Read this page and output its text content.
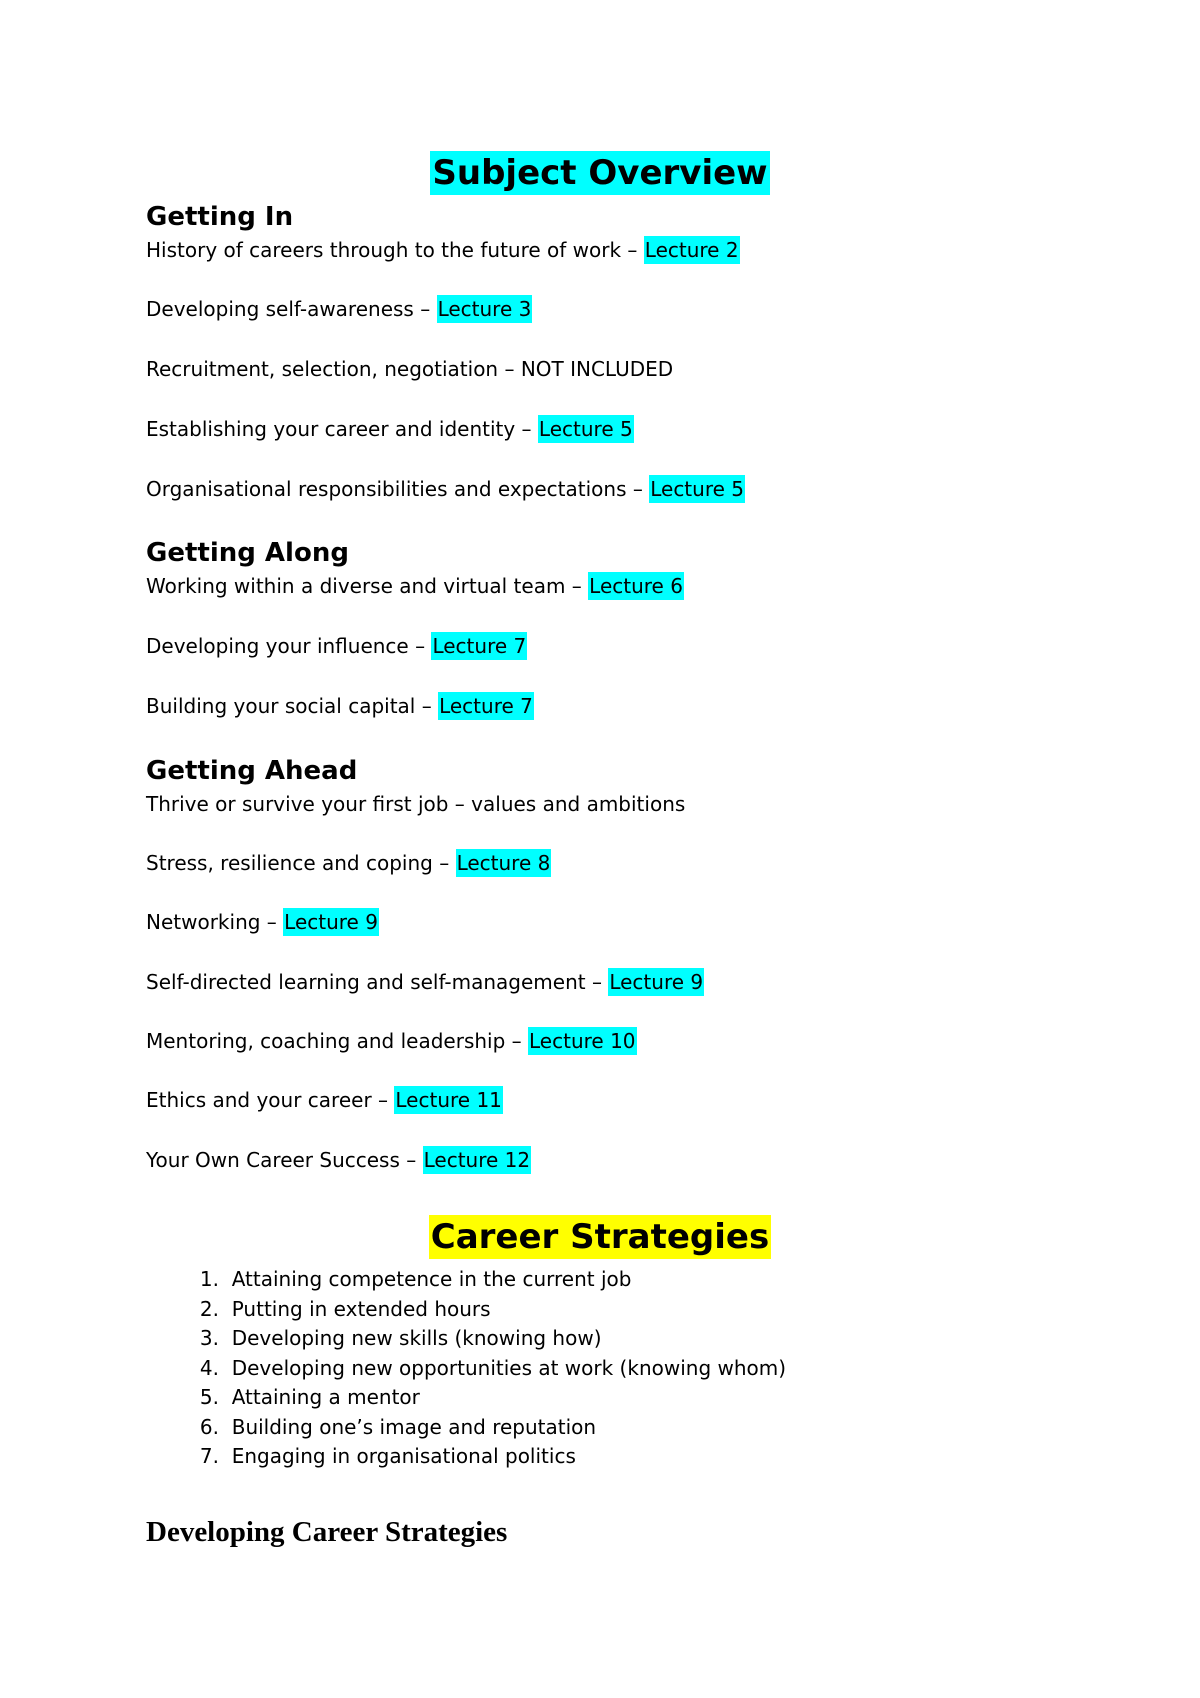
Subject Overview
Getting In

History of careers through to the future of work – Lecture 2

Developing self-awareness – Lecture 3

Recruitment, selection, negotiation – NOT INCLUDED

Establishing your career and identity – Lecture 5

Organisational responsibilities and expectations – Lecture 5

Getting Along

Working within a diverse and virtual team – Lecture 6

Developing your influence – Lecture 7

Building your social capital – Lecture 7

Getting Ahead

Thrive or survive your first job – values and ambitions

Stress, resilience and coping – Lecture 8

Networking – Lecture 9

Self-directed learning and self-management – Lecture 9

Mentoring, coaching and leadership – Lecture 10

Ethics and your career – Lecture 11

Your Own Career Success – Lecture 12

Career Strategies
1. Attaining competence in the current job
2. Putting in extended hours
3. Developing new skills (knowing how)
4. Developing new opportunities at work (knowing whom)
5. Attaining a mentor
6. Building one’s image and reputation
7. Engaging in organisational politics
Developing Career Strategies
